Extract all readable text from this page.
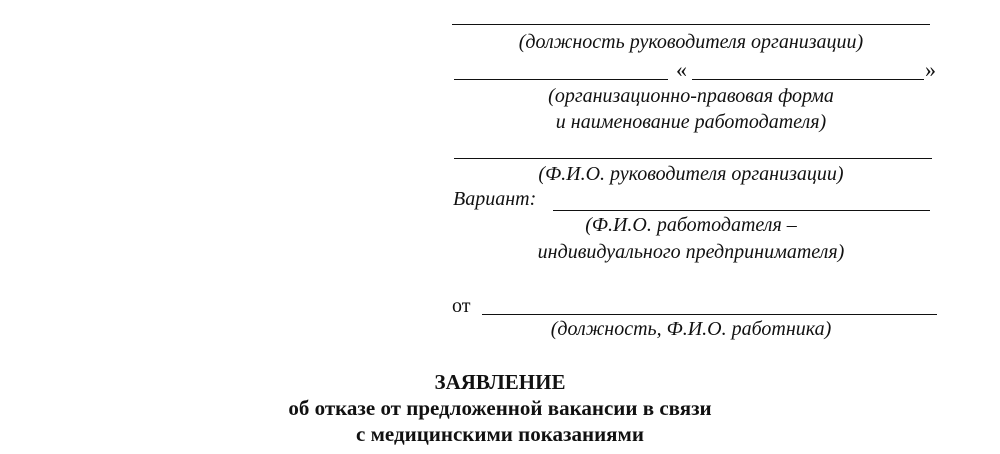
(должность руководителя организации)
«	»
(организационно-правовая форма
и наименование работодателя)
(Ф.И.О. руководителя организации)
Вариант:
(Ф.И.О. работодателя –
индивидуального предпринимателя)
от
(должность, Ф.И.О. работника)
ЗАЯВЛЕНИЕ
об отказе от предложенной вакансии в связи
с медицинскими показаниями
